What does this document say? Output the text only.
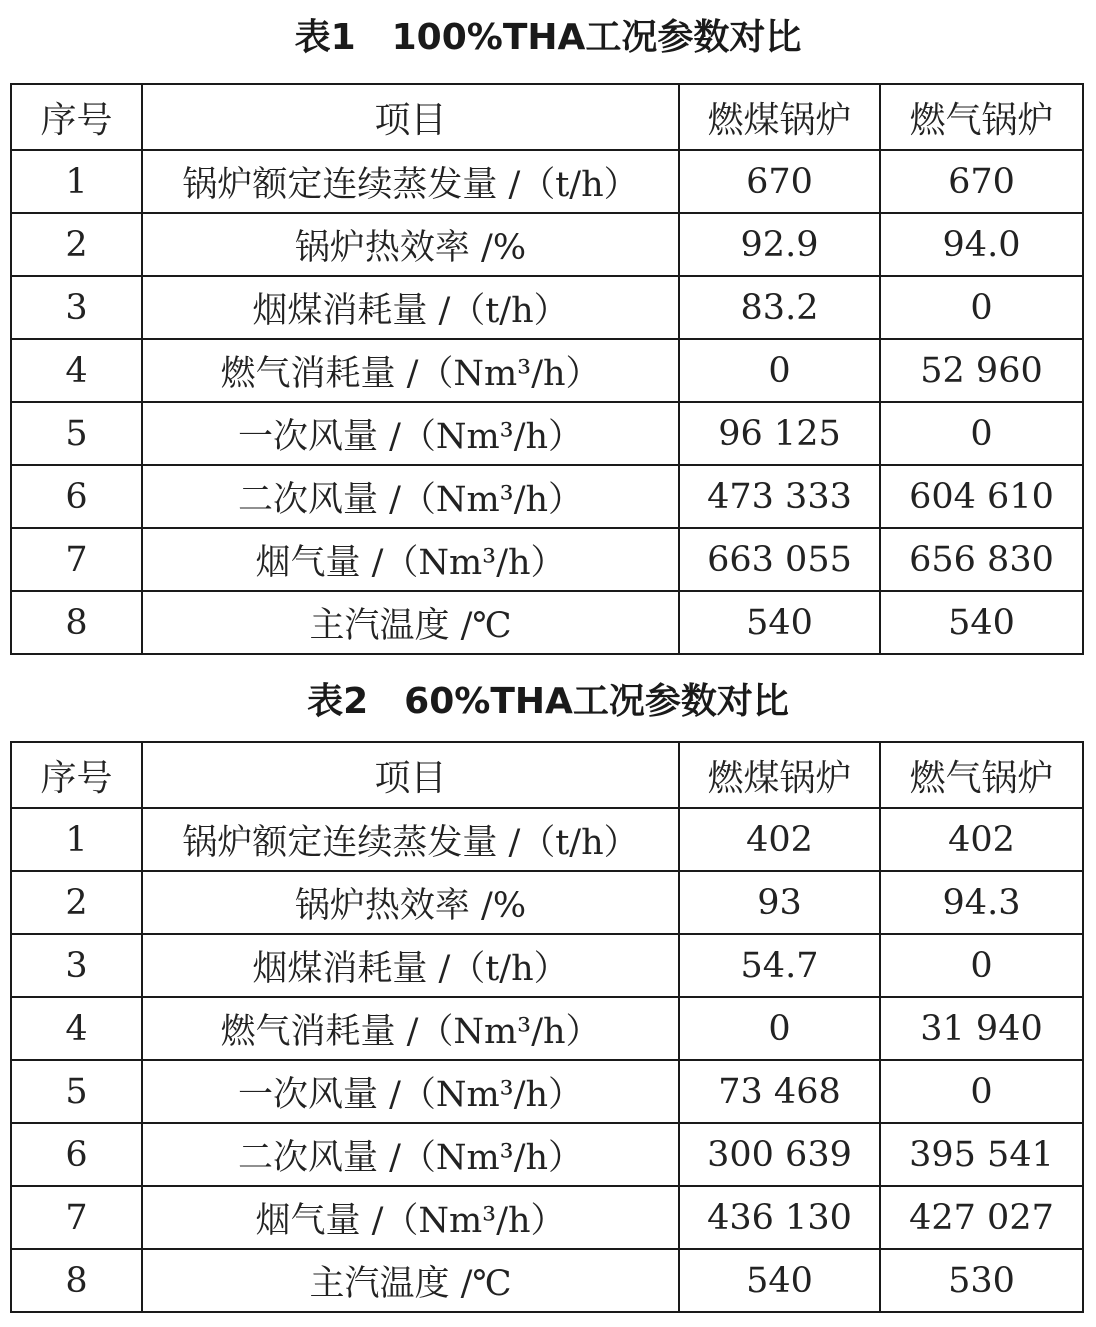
表1　100%THA工况参数对比
序号	项目	燃煤锅炉	燃气锅炉
1	锅炉额定连续蒸发量 /（t/h）	670	670
2	锅炉热效率 /%	92.9	94.0
3	烟煤消耗量 /（t/h）	83.2	0
4	燃气消耗量 /（Nm³/h）	0	52 960
5	一次风量 /（Nm³/h）	96 125	0
6	二次风量 /（Nm³/h）	473 333	604 610
7	烟气量 /（Nm³/h）	663 055	656 830
8	主汽温度 /℃	540	540
表2　60%THA工况参数对比
序号	项目	燃煤锅炉	燃气锅炉
1	锅炉额定连续蒸发量 /（t/h）	402	402
2	锅炉热效率 /%	93	94.3
3	烟煤消耗量 /（t/h）	54.7	0
4	燃气消耗量 /（Nm³/h）	0	31 940
5	一次风量 /（Nm³/h）	73 468	0
6	二次风量 /（Nm³/h）	300 639	395 541
7	烟气量 /（Nm³/h）	436 130	427 027
8	主汽温度 /℃	540	530
